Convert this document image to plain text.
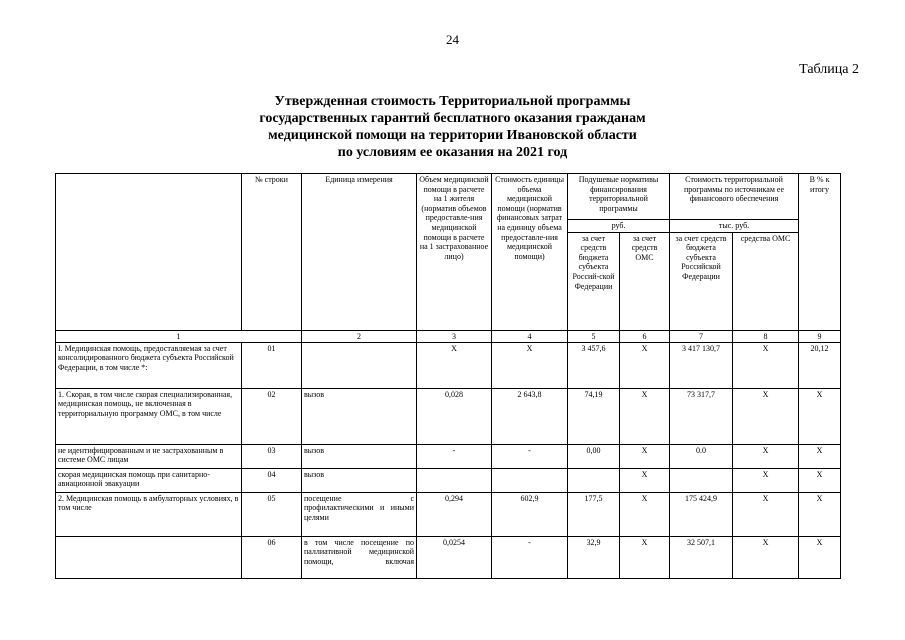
24
Таблица 2
Утвержденная стоимость Территориальной программы
государственных гарантий бесплатного оказания гражданам
медицинской помощи на территории Ивановской области
по условиям ее оказания на 2021 год
	№ строки	Единица измерения	Объем медицинской помощи в расчете на 1 жителя (норматив объемов предоставле-ния медицинской помощи в расчете на 1 застрахованное лицо)	Стоимость единицы объема медицинской помощи (норматив финансовых затрат на единицу объема предоставле-ния медицинской помощи)	Подушевые нормативы финансирования территориальной программы		Стоимость территориальной программы по источникам ее финансового обеспечения		В % к итогу
					руб.		тыс. руб.		
					за счет средств бюджета субъекта Россий-ской Федерации	за счет средств ОМС	за счет средств бюджета субъекта Российской Федерации	средства ОМС	
1		2	3	4	5	6	7	8	9
I. Медицинская помощь, предоставляемая за счет консолидированного бюджета субъекта Российской Федерации, в том числе *:	01		X	X	3 457,6	X	3 417 130,7	X	20,12
1. Скорая, в том числе скорая специализированная, медицинская помощь, не включенная в территориальную программу ОМС, в том числе	02	вызов	0,028	2 643,8	74,19	X	73 317,7	X	X
не идентифицированным и не застрахованным в системе ОМС лицам	03	вызов	-	-	0,00	X	0.0	X	X
скорая медицинская помощь при санитарно-авиационной эвакуации	04	вызов				X		X	X
2. Медицинская помощь в амбулаторных условиях, в том числе	05	посещение с профилактическими и иными целями	0,294	602,9	177,5	X	175 424,9	X	X
	06	в том числе посещение по паллиативной медицинской помощи, включая	0,0254	-	32,9	X	32 507,1	X	X
